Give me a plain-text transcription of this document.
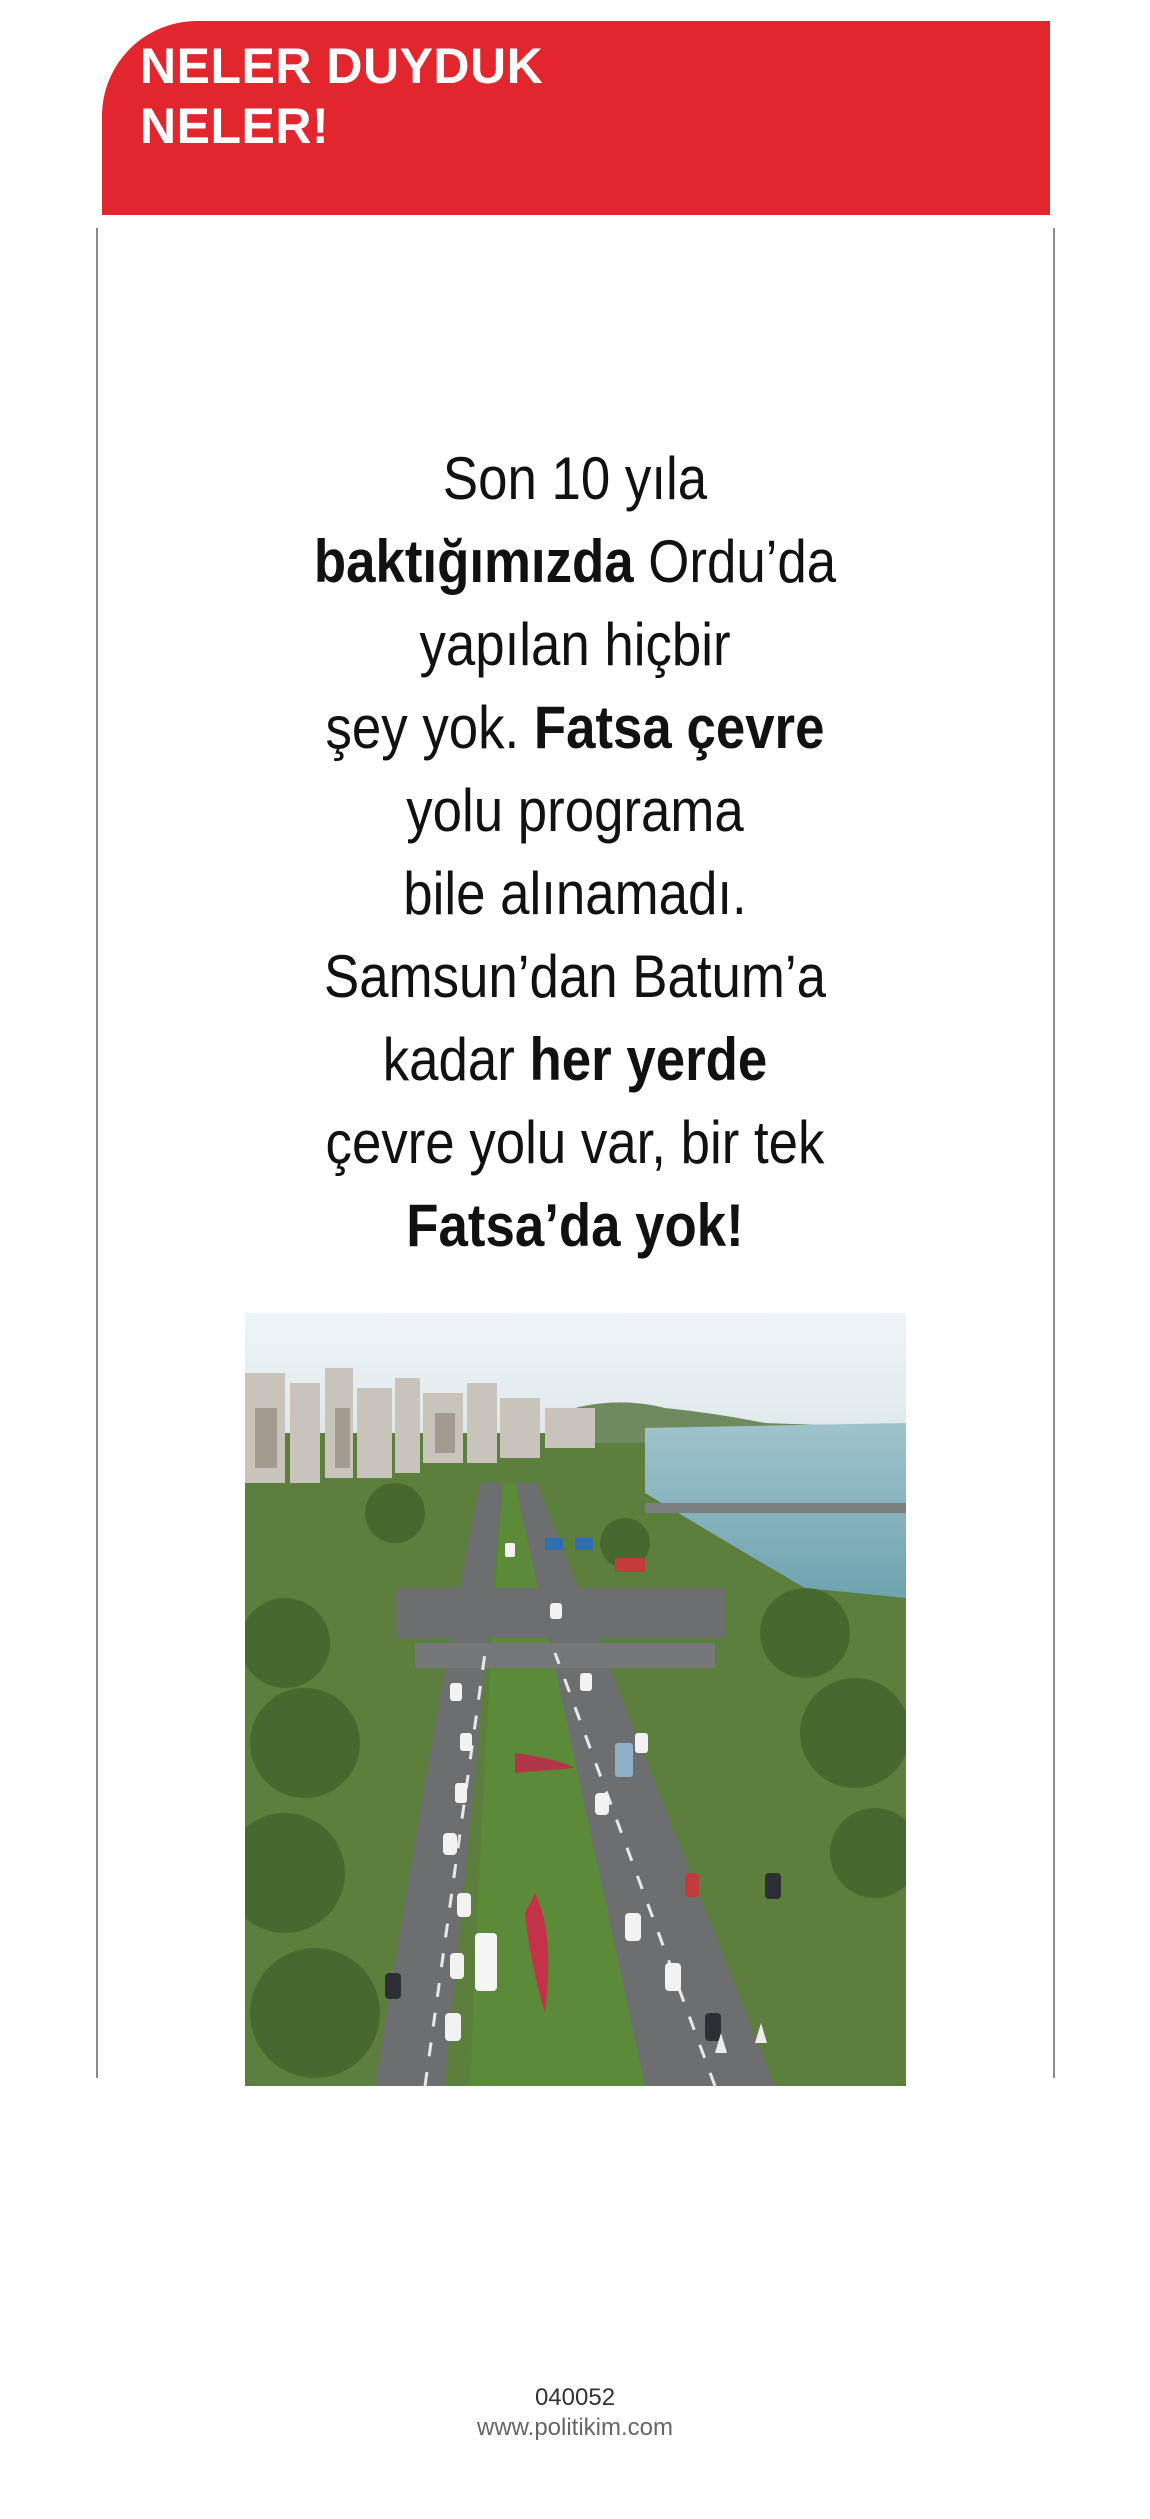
NELER DUYDUK
NELER!
Son 10 yıla
baktığımızda Ordu’da
yapılan hiçbir
şey yok. Fatsa çevre
yolu programa
bile alınamadı.
Samsun’dan Batum’a
kadar her yerde
çevre yolu var, bir tek
Fatsa’da yok!
040052
www.politikim.com
